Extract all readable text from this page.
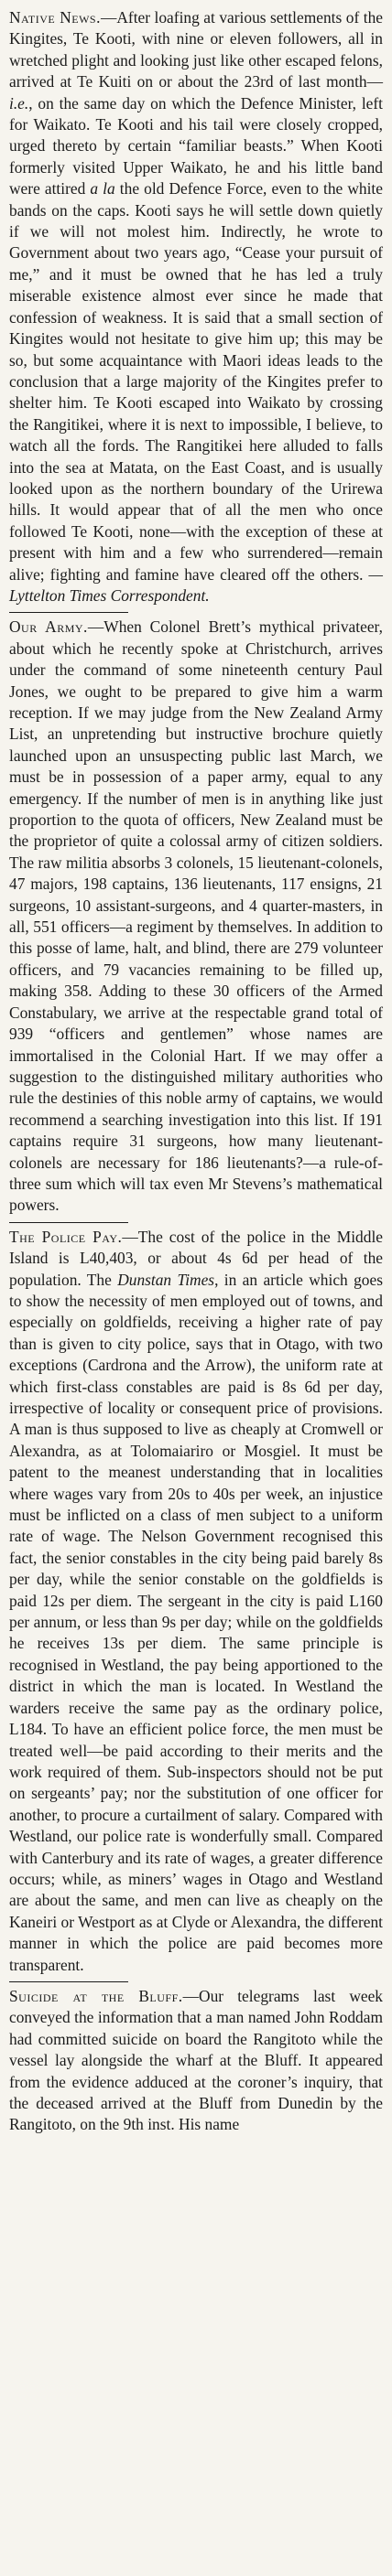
Native News.—After loafing at various settlements of the Kingites, Te Kooti, with nine or eleven followers, all in wretched plight and looking just like other escaped felons, arrived at Te Kuiti on or about the 23rd of last month—i.e., on the same day on which the Defence Minister, left for Waikato. Te Kooti and his tail were closely cropped, urged thereto by certain “familiar beasts.” When Kooti formerly visited Upper Waikato, he and his little band were attired a la the old Defence Force, even to the white bands on the caps. Kooti says he will settle down quietly if we will not molest him. Indirectly, he wrote to Government about two years ago, “Cease your pursuit of me,” and it must be owned that he has led a truly miserable existence almost ever since he made that confession of weakness. It is said that a small section of Kingites would not hesitate to give him up; this may be so, but some acquaintance with Maori ideas leads to the conclusion that a large majority of the Kingites prefer to shelter him. Te Kooti escaped into Waikato by crossing the Rangitikei, where it is next to impossible, I believe, to watch all the fords. The Rangitikei here alluded to falls into the sea at Matata, on the East Coast, and is usually looked upon as the northern boundary of the Urirewa hills. It would appear that of all the men who once followed Te Kooti, none—with the exception of these at present with him and a few who surrendered—remain alive; fighting and famine have cleared off the others. —Lyttelton Times Correspondent.

Our Army.—When Colonel Brett’s mythical privateer, about which he recently spoke at Christchurch, arrives under the command of some nineteenth century Paul Jones, we ought to be prepared to give him a warm reception. If we may judge from the New Zealand Army List, an unpretending but instructive brochure quietly launched upon an unsuspecting public last March, we must be in possession of a paper army, equal to any emergency. If the number of men is in anything like just proportion to the quota of officers, New Zealand must be the proprietor of quite a colossal army of citizen soldiers. The raw militia absorbs 3 colonels, 15 lieutenant-colonels, 47 majors, 198 captains, 136 lieutenants, 117 ensigns, 21 surgeons, 10 assistant-surgeons, and 4 quarter-masters, in all, 551 officers—a regiment by themselves. In addition to this posse of lame, halt, and blind, there are 279 volunteer officers, and 79 vacancies remaining to be filled up, making 358. Adding to these 30 officers of the Armed Constabulary, we arrive at the respectable grand total of 939 “officers and gentlemen” whose names are immortalised in the Colonial Hart. If we may offer a suggestion to the distinguished military authorities who rule the destinies of this noble army of captains, we would recommend a searching investigation into this list. If 191 captains require 31 surgeons, how many lieutenant-colonels are necessary for 186 lieutenants?—a rule-of-three sum which will tax even Mr Stevens’s mathematical powers.

The Police Pay.—The cost of the police in the Middle Island is L40,403, or about 4s 6d per head of the population. The Dunstan Times, in an article which goes to show the necessity of men employed out of towns, and especially on goldfields, receiving a higher rate of pay than is given to city police, says that in Otago, with two exceptions (Cardrona and the Arrow), the uniform rate at which first-class constables are paid is 8s 6d per day, irrespective of locality or consequent price of provisions. A man is thus supposed to live as cheaply at Cromwell or Alexandra, as at Tolomaiariro or Mosgiel. It must be patent to the meanest understanding that in localities where wages vary from 20s to 40s per week, an injustice must be inflicted on a class of men subject to a uniform rate of wage. The Nelson Government recognised this fact, the senior constables in the city being paid barely 8s per day, while the senior constable on the goldfields is paid 12s per diem. The sergeant in the city is paid L160 per annum, or less than 9s per day; while on the goldfields he receives 13s per diem. The same principle is recognised in Westland, the pay being apportioned to the district in which the man is located. In Westland the warders receive the same pay as the ordinary police, L184. To have an efficient police force, the men must be treated well—be paid according to their merits and the work required of them. Sub-inspectors should not be put on sergeants’ pay; nor the substitution of one officer for another, to procure a curtailment of salary. Compared with Westland, our police rate is wonderfully small. Compared with Canterbury and its rate of wages, a greater difference occurs; while, as miners’ wages in Otago and Westland are about the same, and men can live as cheaply on the Kaneiri or Westport as at Clyde or Alexandra, the different manner in which the police are paid becomes more transparent.

Suicide at the Bluff.—Our telegrams last week conveyed the information that a man named John Roddam had committed suicide on board the Rangitoto while the vessel lay alongside the wharf at the Bluff. It appeared from the evidence adduced at the coroner’s inquiry, that the deceased arrived at the Bluff from Dunedin by the Rangitoto, on the 9th inst. His name
